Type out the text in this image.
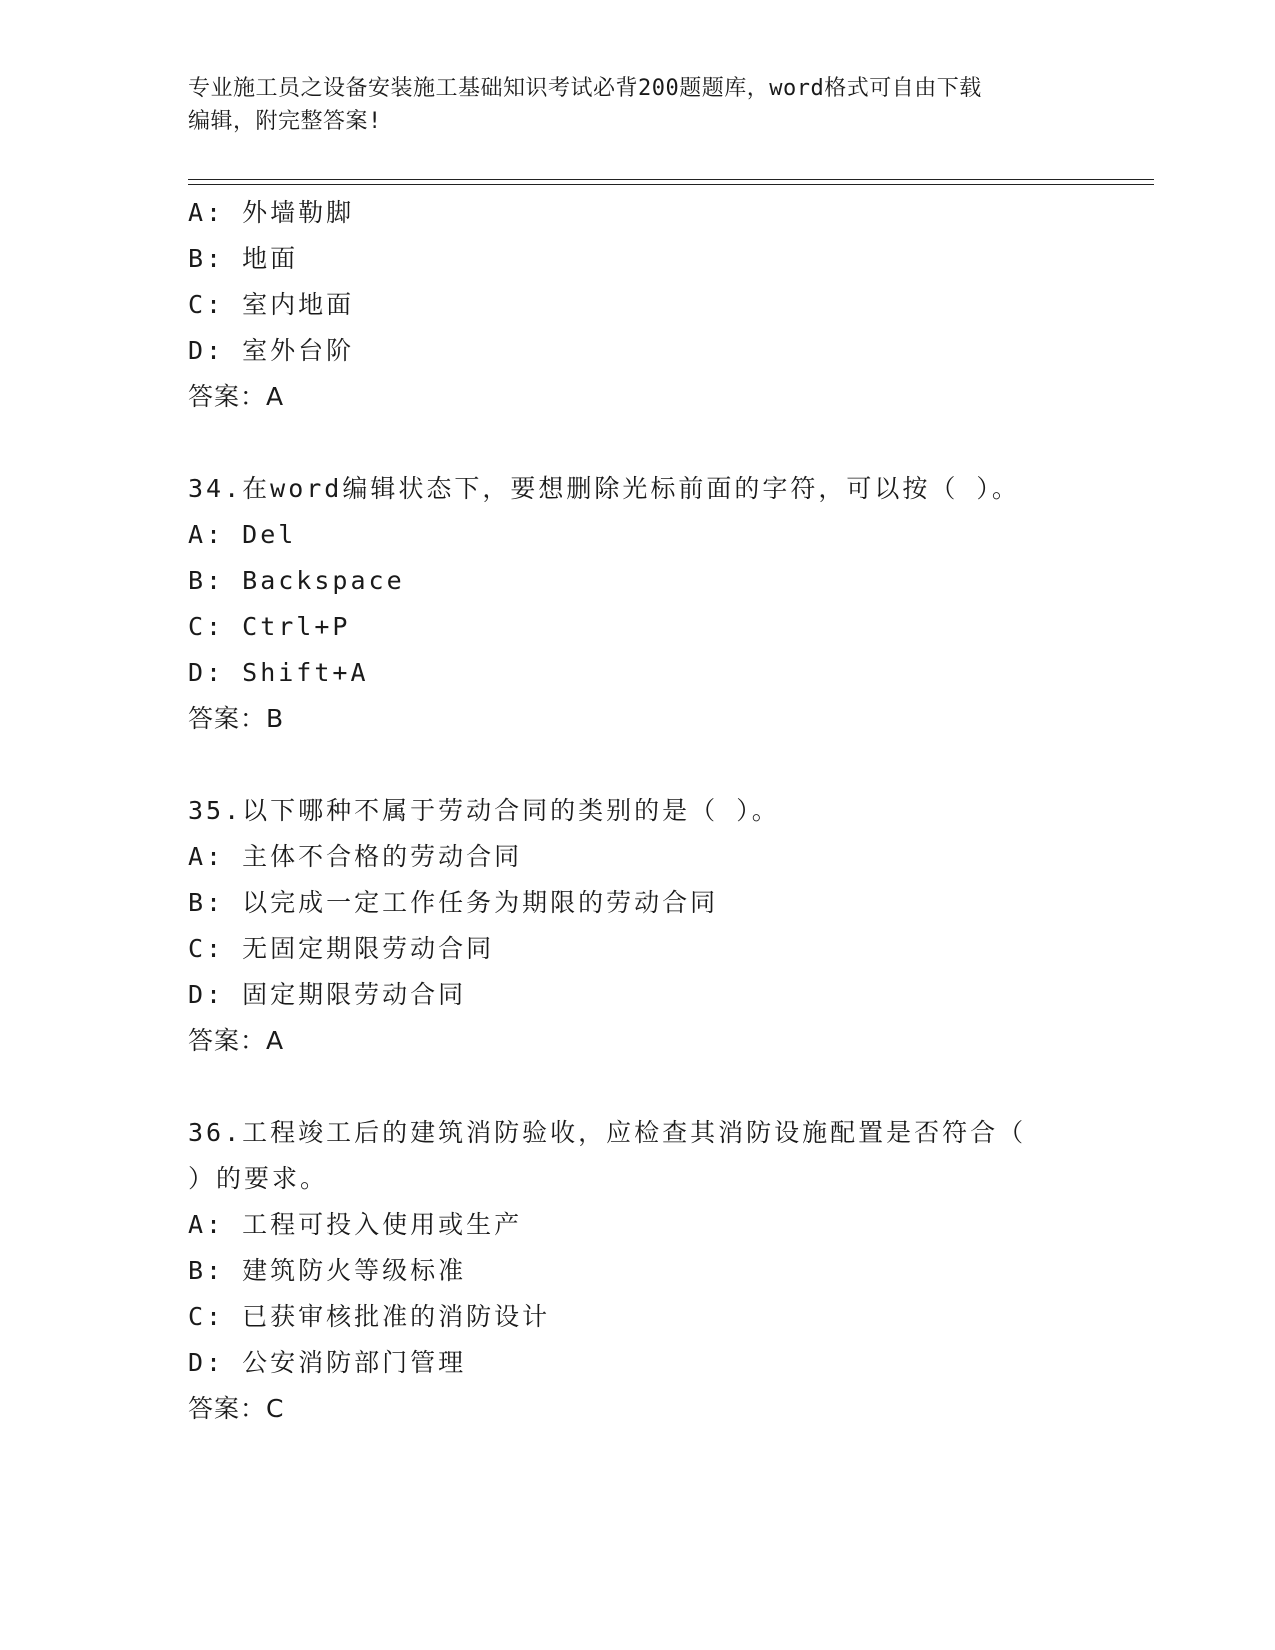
专业施工员之设备安装施工基础知识考试必背200题题库，word格式可自由下载
编辑，附完整答案!
A: 外墙勒脚
B: 地面
C: 室内地面
D: 室外台阶
答案：A
34.在word编辑状态下，要想删除光标前面的字符，可以按（ ）。
A: Del
B: Backspace
C: Ctrl+P
D: Shift+A
答案：B
35.以下哪种不属于劳动合同的类别的是（ ）。
A: 主体不合格的劳动合同
B: 以完成一定工作任务为期限的劳动合同
C: 无固定期限劳动合同
D: 固定期限劳动合同
答案：A
36.工程竣工后的建筑消防验收，应检查其消防设施配置是否符合（
）的要求。
A: 工程可投入使用或生产
B: 建筑防火等级标准
C: 已获审核批准的消防设计
D: 公安消防部门管理
答案：C
